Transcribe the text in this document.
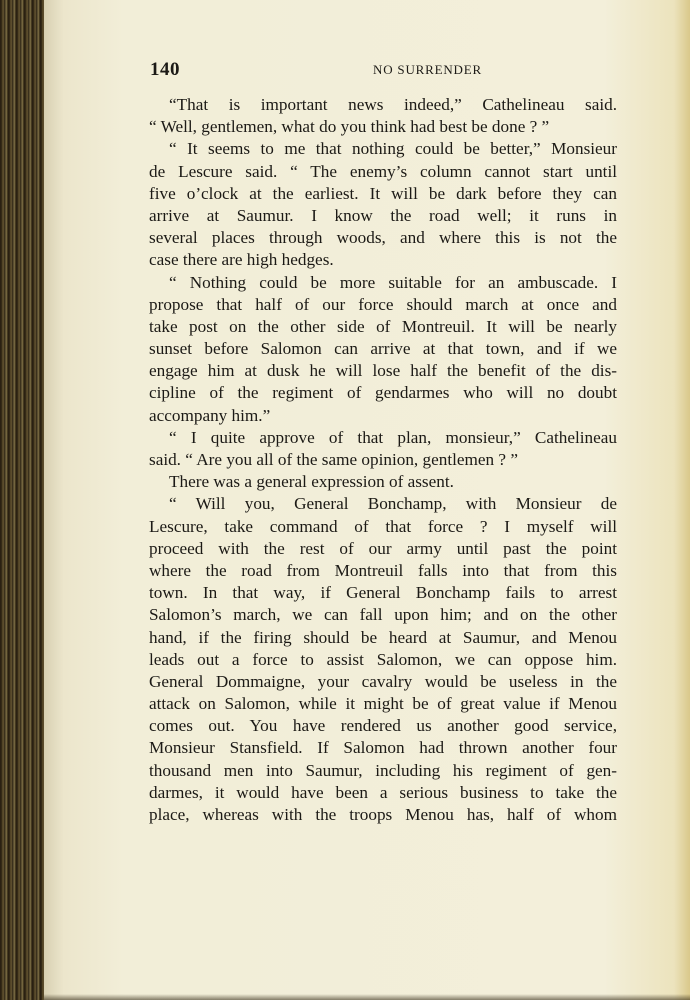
140	NO SURRENDER
“That is important news indeed,” Cathelineau said.
“ Well, gentlemen, what do you think had best be done ? ”
“ It seems to me that nothing could be better,” Monsieur
de Lescure said. “ The enemy’s column cannot start until
five o’clock at the earliest. It will be dark before they can
arrive at Saumur. I know the road well; it runs in
several places through woods, and where this is not the
case there are high hedges.
“ Nothing could be more suitable for an ambuscade. I
propose that half of our force should march at once and
take post on the other side of Montreuil. It will be nearly
sunset before Salomon can arrive at that town, and if we
engage him at dusk he will lose half the benefit of the dis-
cipline of the regiment of gendarmes who will no doubt
accompany him.”
“ I quite approve of that plan, monsieur,” Cathelineau
said. “ Are you all of the same opinion, gentlemen ? ”
There was a general expression of assent.
“ Will you, General Bonchamp, with Monsieur de
Lescure, take command of that force ? I myself will
proceed with the rest of our army until past the point
where the road from Montreuil falls into that from this
town. In that way, if General Bonchamp fails to arrest
Salomon’s march, we can fall upon him; and on the other
hand, if the firing should be heard at Saumur, and Menou
leads out a force to assist Salomon, we can oppose him.
General Dommaigne, your cavalry would be useless in the
attack on Salomon, while it might be of great value if Menou
comes out. You have rendered us another good service,
Monsieur Stansfield. If Salomon had thrown another four
thousand men into Saumur, including his regiment of gen-
darmes, it would have been a serious business to take the
place, whereas with the troops Menou has, half of whom
